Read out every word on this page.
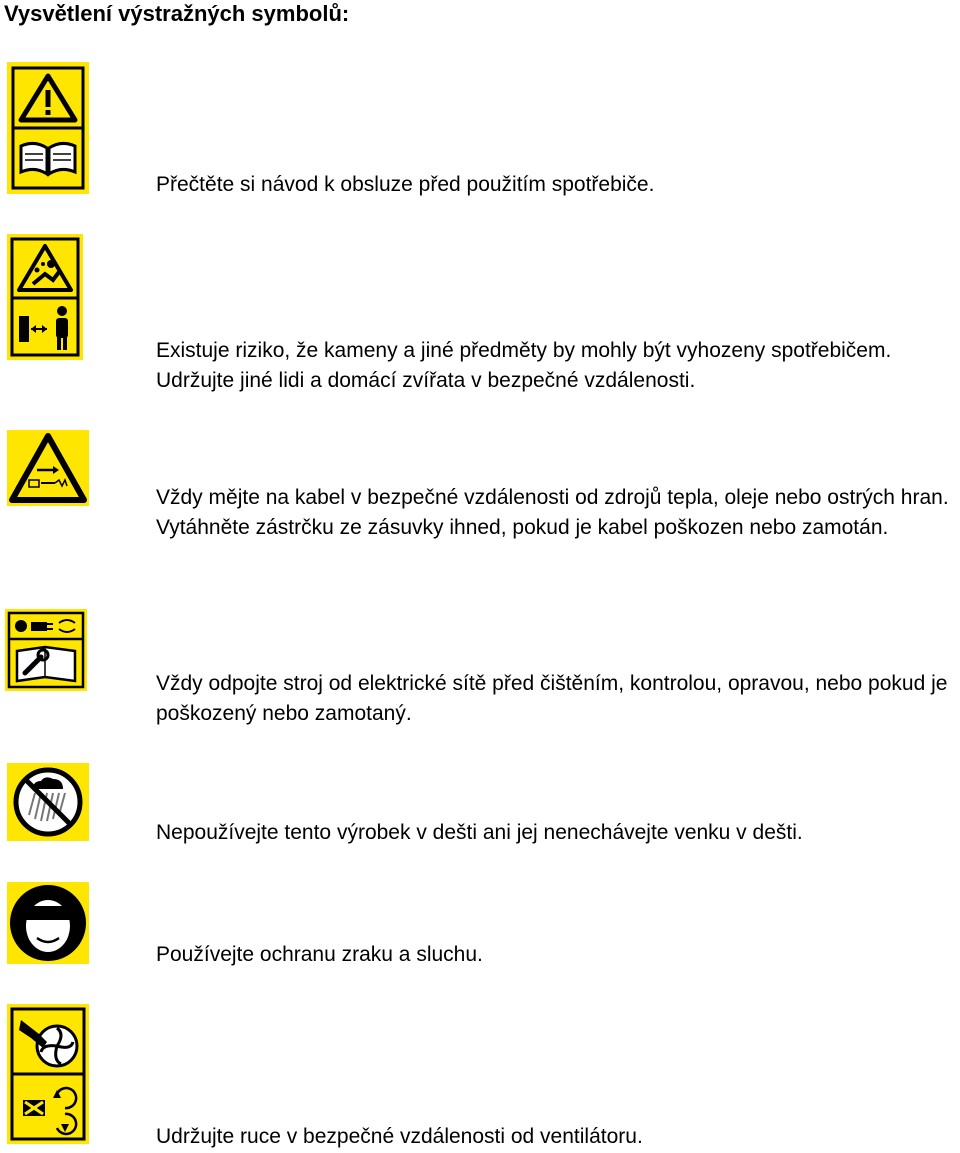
Vysvětlení výstražných symbolů:

Přečtěte si návod k obsluze před použitím spotřebiče.

Existuje riziko, že kameny a jiné předměty by mohly být vyhozeny spotřebičem. Udržujte jiné lidi a domácí zvířata v bezpečné vzdálenosti.

Vždy mějte na kabel v bezpečné vzdálenosti od zdrojů tepla, oleje nebo ostrých hran. Vytáhněte zástrčku ze zásuvky ihned, pokud je kabel poškozen nebo zamotán.

Vždy odpojte stroj od elektrické sítě před čištěním, kontrolou, opravou, nebo pokud je poškozený nebo zamotaný.

Nepoužívejte tento výrobek v dešti ani jej nenechávejte venku v dešti.

Používejte ochranu zraku a sluchu.

Udržujte ruce v bezpečné vzdálenosti od ventilátoru.
